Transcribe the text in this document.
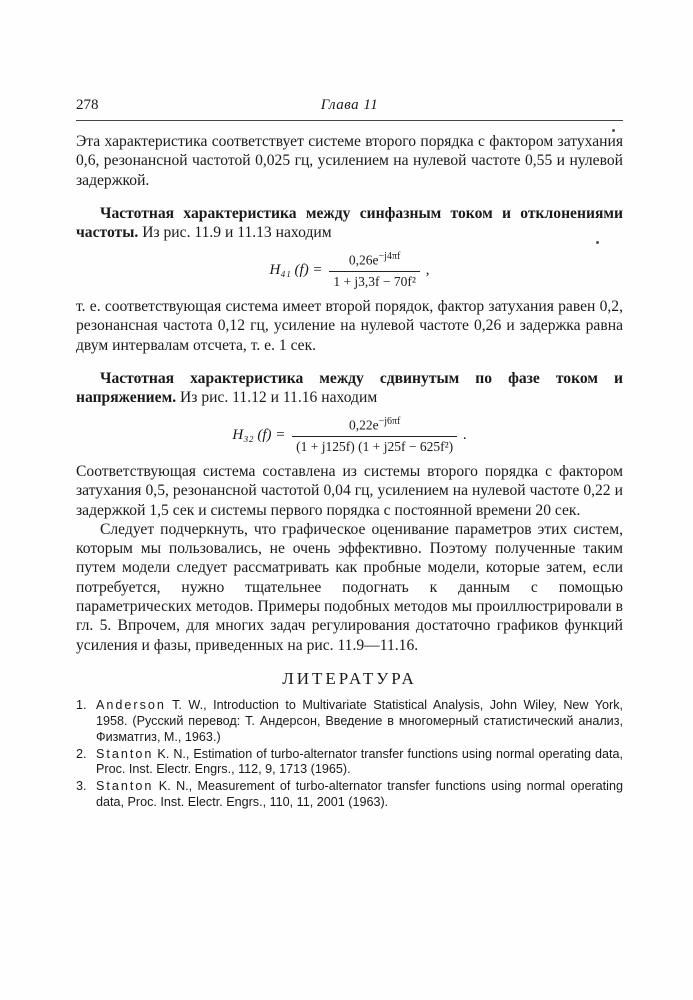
278	Глава 11

Эта характеристика соответствует системе второго порядка с фактором затухания 0,6, резонансной частотой 0,025 гц, усилением на нулевой частоте 0,55 и нулевой задержкой.

Частотная характеристика между синфазным током и отклонениями частоты. Из рис. 11.9 и 11.13 находим

H₄₁ $(f) = \frac{0,26e^{-j4\pi f}}{\text{1 + j3,3f − 70f²}}$ ,

т. е. соответствующая система имеет второй порядок, фактор затухания равен 0,2, резонансная частота 0,12 гц, усиление на нулевой частоте 0,26 и задержка равна двум интервалам отсчета, т. е. 1 сек.

Частотная характеристика между сдвинутым по фазе током и напряжением. Из рис. 11.12 и 11.16 находим

H₃₂ $(f) = \frac{0,22e^{-j6\pi f}}{\text{(1 + j125f) (1 + j25f − 625f²)}}$ .

Соответствующая система составлена из системы второго порядка с фактором затухания 0,5, резонансной частотой 0,04 гц, усилением на нулевой частоте 0,22 и задержкой 1,5 сек и системы первого порядка с постоянной времени 20 сек.

Следует подчеркнуть, что графическое оценивание параметров этих систем, которым мы пользовались, не очень эффективно. Поэтому полученные таким путем модели следует рассматривать как пробные модели, которые затем, если потребуется, нужно тщательнее подогнать к данным с помощью параметрических методов. Примеры подобных методов мы проиллюстрировали в гл. 5. Впрочем, для многих задач регулирования достаточно графиков функций усиления и фазы, приведенных на рис. 11.9—11.16.

ЛИТЕРАТУРА
1. Anderson T. W., Introduction to Multivariate Statistical Analysis, John Wiley, New York, 1958. (Русский перевод: Т. Андерсон, Введение в многомерный статистический анализ, Физматгиз, М., 1963.)
2. Stanton K. N., Estimation of turbo-alternator transfer functions using normal operating data, Proc. Inst. Electr. Engrs., 112, 9, 1713 (1965).
3. Stanton K. N., Measurement of turbo-alternator transfer functions using normal operating data, Proc. Inst. Electr. Engrs., 110, 11, 2001 (1963).
